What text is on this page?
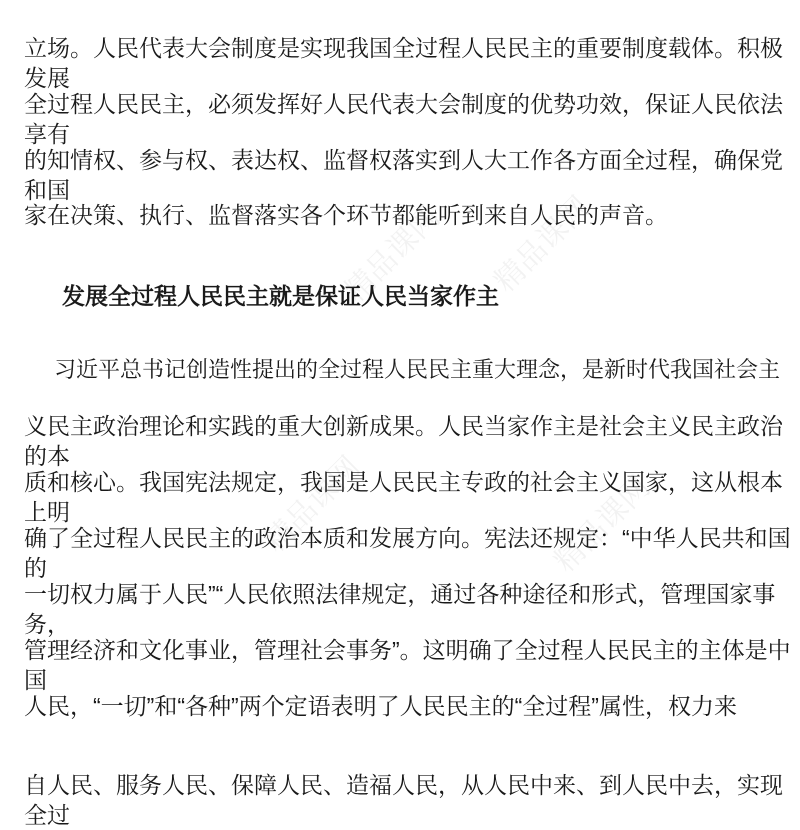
精品课网 精品课网
精品课网	精品课网
立场。人民代表大会制度是实现我国全过程人民民主的重要制度载体。积极发展
全过程人民民主，必须发挥好人民代表大会制度的优势功效，保证人民依法享有
的知情权、参与权、表达权、监督权落实到人大工作各方面全过程，确保党和国
家在决策、执行、监督落实各个环节都能听到来自人民的声音。
发展全过程人民民主就是保证人民当家作主
　　习近平总书记创造性提出的全过程人民民主重大理念，是新时代我国社会主
义民主政治理论和实践的重大创新成果。人民当家作主是社会主义民主政治的本
质和核心。我国宪法规定，我国是人民民主专政的社会主义国家，这从根本上明
确了全过程人民民主的政治本质和发展方向。宪法还规定：“中华人民共和国的
一切权力属于人民”“人民依照法律规定，通过各种途径和形式，管理国家事务，
管理经济和文化事业，管理社会事务”。这明确了全过程人民民主的主体是中国
人民，“一切”和“各种”两个定语表明了人民民主的“全过程”属性，权力来
自人民、服务人民、保障人民、造福人民，从人民中来、到人民中去，实现全过
